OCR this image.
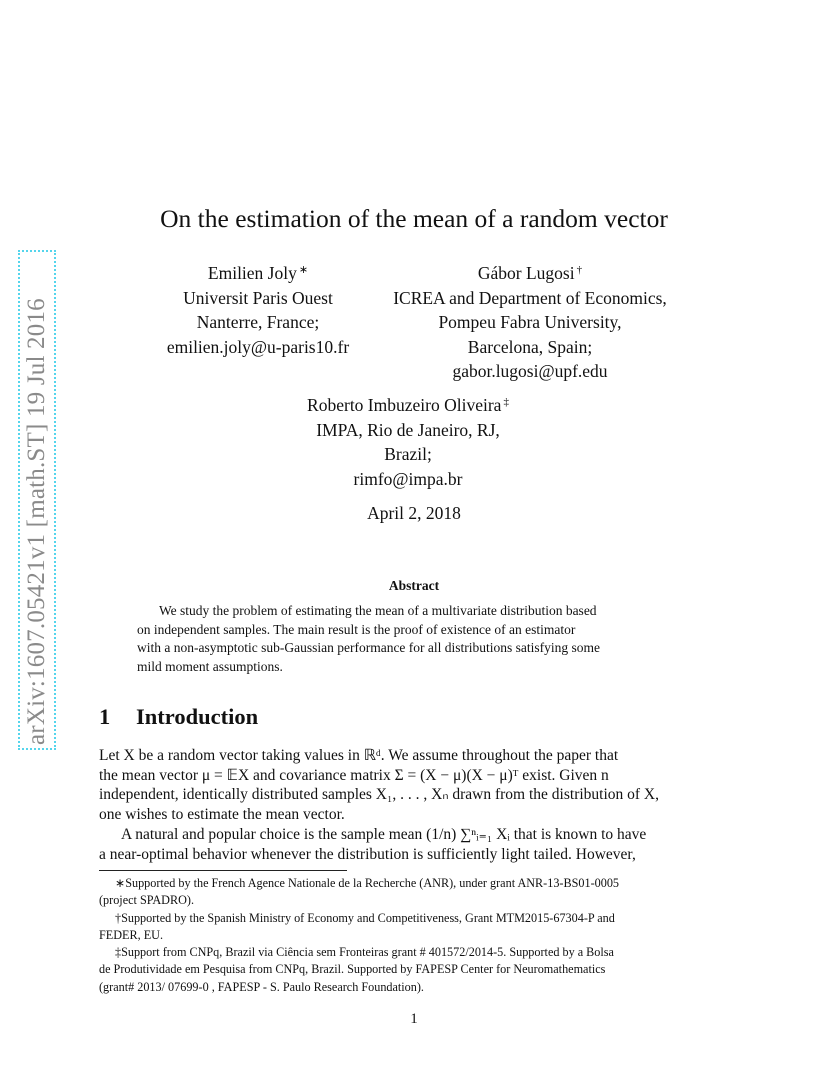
arXiv:1607.05421v1 [math.ST] 19 Jul 2016
On the estimation of the mean of a random vector
Emilien Joly ∗
Universit Paris Ouest
Nanterre, France;
emilien.joly@u-paris10.fr
Gábor Lugosi †
ICREA and Department of Economics,
Pompeu Fabra University,
Barcelona, Spain;
gabor.lugosi@upf.edu
Roberto Imbuzeiro Oliveira ‡
IMPA, Rio de Janeiro, RJ,
Brazil;
rimfo@impa.br
April 2, 2018
Abstract
We study the problem of estimating the mean of a multivariate distribution based
on independent samples. The main result is the proof of existence of an estimator
with a non-asymptotic sub-Gaussian performance for all distributions satisfying some
mild moment assumptions.
1 Introduction
Let X be a random vector taking values in ℝᵈ. We assume throughout the paper that
the mean vector μ = 𝔼X and covariance matrix Σ = (X − μ)(X − μ)ᵀ exist. Given n
independent, identically distributed samples X₁, . . . , Xₙ drawn from the distribution of X,
one wishes to estimate the mean vector.
A natural and popular choice is the sample mean (1/n) ∑ⁿᵢ₌₁ Xᵢ that is known to have
a near-optimal behavior whenever the distribution is sufficiently light tailed. However,
∗Supported by the French Agence Nationale de la Recherche (ANR), under grant ANR-13-BS01-0005
(project SPADRO).
†Supported by the Spanish Ministry of Economy and Competitiveness, Grant MTM2015-67304-P and
FEDER, EU.
‡Support from CNPq, Brazil via Ciência sem Fronteiras grant # 401572/2014-5. Supported by a Bolsa
de Produtividade em Pesquisa from CNPq, Brazil. Supported by FAPESP Center for Neuromathematics
(grant# 2013/ 07699-0 , FAPESP - S. Paulo Research Foundation).
1
